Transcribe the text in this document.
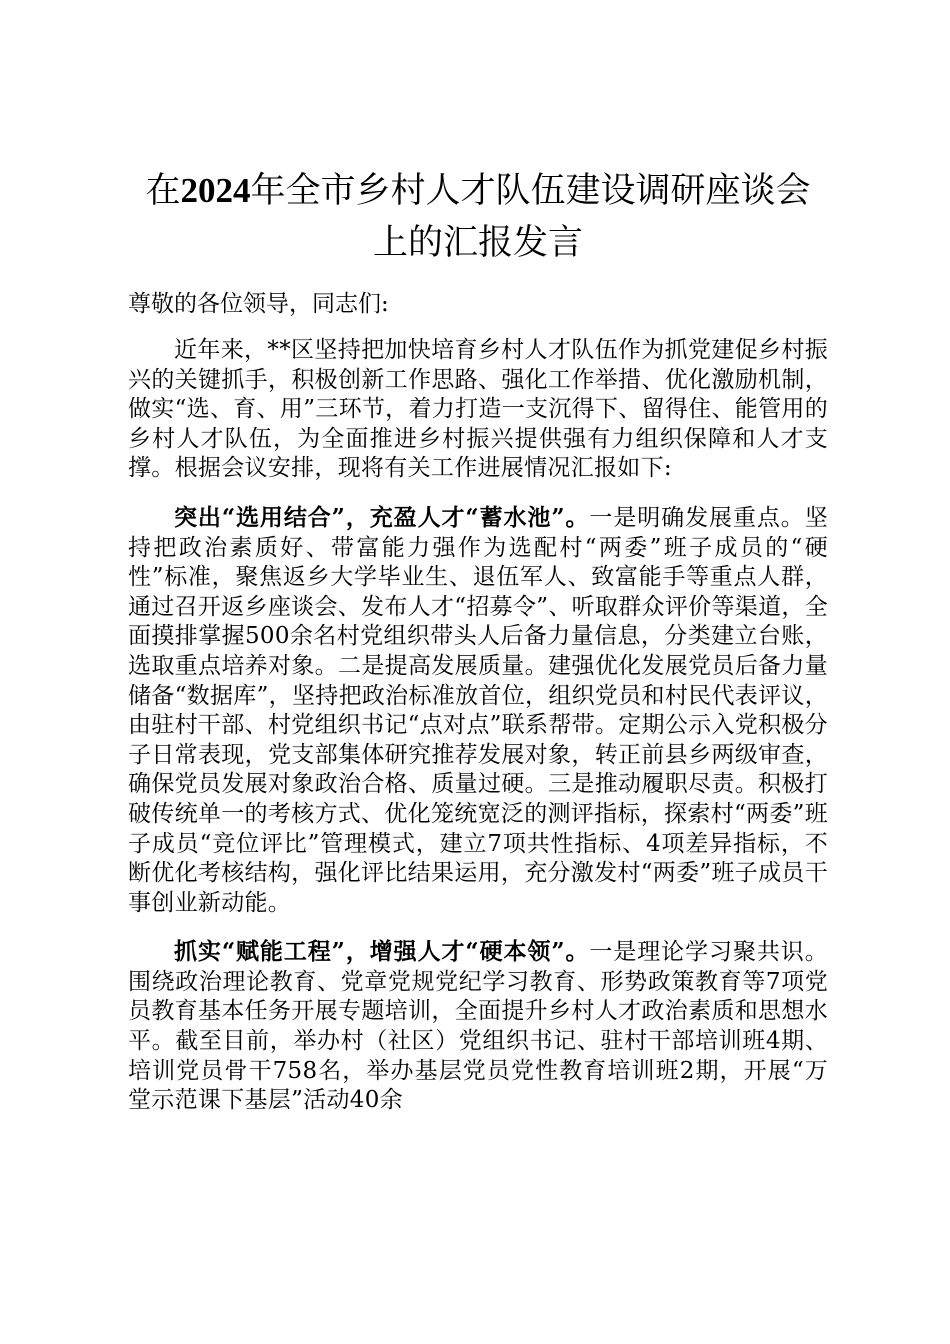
在2024年全市乡村人才队伍建设调研座谈会上的汇报发言

尊敬的各位领导，同志们:

近年来，**区坚持把加快培育乡村人才队伍作为抓党建促乡村振兴的关键抓手，积极创新工作思路、强化工作举措、优化激励机制，做实“选、育、用”三环节，着力打造一支沉得下、留得住、能管用的乡村人才队伍，为全面推进乡村振兴提供强有力组织保障和人才支撑。根据会议安排，现将有关工作进展情况汇报如下:

突出“选用结合”，充盈人才“蓄水池”。一是明确发展重点。坚持把政治素质好、带富能力强作为选配村“两委”班子成员的“硬性”标准，聚焦返乡大学毕业生、退伍军人、致富能手等重点人群，通过召开返乡座谈会、发布人才“招募令”、听取群众评价等渠道，全面摸排掌握500余名村党组织带头人后备力量信息，分类建立台账，选取重点培养对象。二是提高发展质量。建强优化发展党员后备力量储备“数据库”，坚持把政治标准放首位，组织党员和村民代表评议，由驻村干部、村党组织书记“点对点”联系帮带。定期公示入党积极分子日常表现，党支部集体研究推荐发展对象，转正前县乡两级审查，确保党员发展对象政治合格、质量过硬。三是推动履职尽责。积极打破传统单一的考核方式、优化笼统宽泛的测评指标，探索村“两委”班子成员“竞位评比”管理模式，建立7项共性指标、4项差异指标，不断优化考核结构，强化评比结果运用，充分激发村“两委”班子成员干事创业新动能。

抓实“赋能工程”，增强人才“硬本领”。一是理论学习聚共识。围绕政治理论教育、党章党规党纪学习教育、形势政策教育等7项党员教育基本任务开展专题培训，全面提升乡村人才政治素质和思想水平。截至目前，举办村（社区）党组织书记、驻村干部培训班4期、培训党员骨干758名，举办基层党员党性教育培训班2期，开展“万堂示范课下基层”活动40余
